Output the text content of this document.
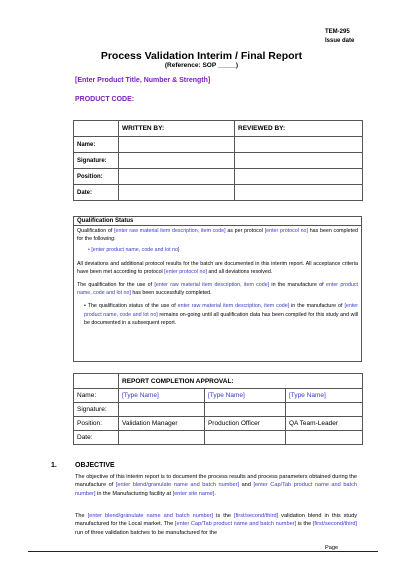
TEM-295
Issue date
Process Validation Interim / Final Report
(Reference: SOP _____)
[Enter Product Title, Number & Strength]
PRODUCT CODE:
	WRITTEN BY:	REVIEWED BY:
Name:		
Signature:		
Position:		
Date:		
Qualification Status

Qualification of [enter raw material item description, item code] as per protocol [enter protocol no] has been completed for the following:

• [enter product name, code and lot no]

All deviations and additional protocol results for the batch are documented in this interim report. All acceptance criteria have been met according to protocol [enter protocol no] and all deviations resolved.

The qualification for the use of [enter raw material item description, item code] in the manufacture of enter product name, code and lot no] has been successfully completed.

• The qualification status of the use of enter raw material item description, item code] in the manufacture of [enter product name, code and lot no] remains on-going until all qualification data has been compiled for this study and will be documented in a subsequent report.

	REPORT COMPLETION APPROVAL:		
Name:	[Type Name]	[Type Name]	[Type Name]
Signature:			
Position:	Validation Manager	Production Officer	QA Team-Leader
Date:			
1.	OBJECTIVE
The objective of this interim report is to document the process results and process parameters obtained during the manufacture of [enter blend/granulate name and batch number] and [enter Cap/Tab product name and batch number] in the Manufacturing facility at [enter site name].
The [enter blend/granulate name and batch number] is the [first/second/third] validation blend in this study manufactured for the Local market. The [enter Cap/Tab product name and batch number] is the [first/second/third] run of three validation batches to be manufactured for the
Page
